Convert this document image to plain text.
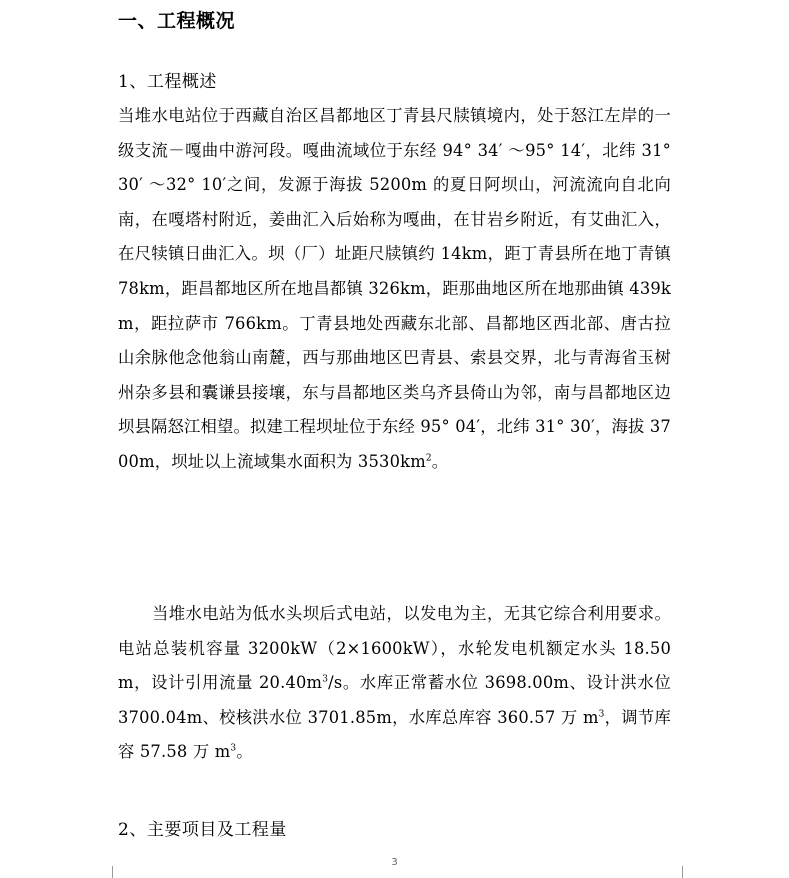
一、工程概况
1、工程概述
当堆水电站位于西藏自治区昌都地区丁青县尺牍镇境内，处于怒江左岸的一级支流－嘎曲中游河段。嘎曲流域位于东经 94° 34′ ～95° 14′，北纬 31° 30′ ～32° 10′之间，发源于海拔 5200m 的夏日阿坝山，河流流向自北向南，在嘎塔村附近，姜曲汇入后始称为嘎曲，在甘岩乡附近，有艾曲汇入，在尺犊镇日曲汇入。坝（厂）址距尺牍镇约 14km，距丁青县所在地丁青镇 78km，距昌都地区所在地昌都镇 326km，距那曲地区所在地那曲镇 439km，距拉萨市 766km。丁青县地处西藏东北部、昌都地区西北部、唐古拉山余脉他念他翁山南麓，西与那曲地区巴青县、索县交界，北与青海省玉树州杂多县和囊谦县接壤，东与昌都地区类乌齐县倚山为邻，南与昌都地区边坝县隔怒江相望。拟建工程坝址位于东经 95° 04′，北纬 31° 30′，海拔 3700m，坝址以上流域集水面积为 $3530km^2$。
当堆水电站为低水头坝后式电站，以发电为主，无其它综合利用要求。电站总装机容量 3200kW（2×1600kW），水轮发电机额定水头 18.50m，设计引用流量 $20.40m^3/s$。水库正常蓄水位 3698.00m、设计洪水位 3700.04m、校核洪水位 3701.85m，水库总库容 360.57 万 $m^3$，调节库容 57.58 万 $m^3$。
2、主要项目及工程量
3
